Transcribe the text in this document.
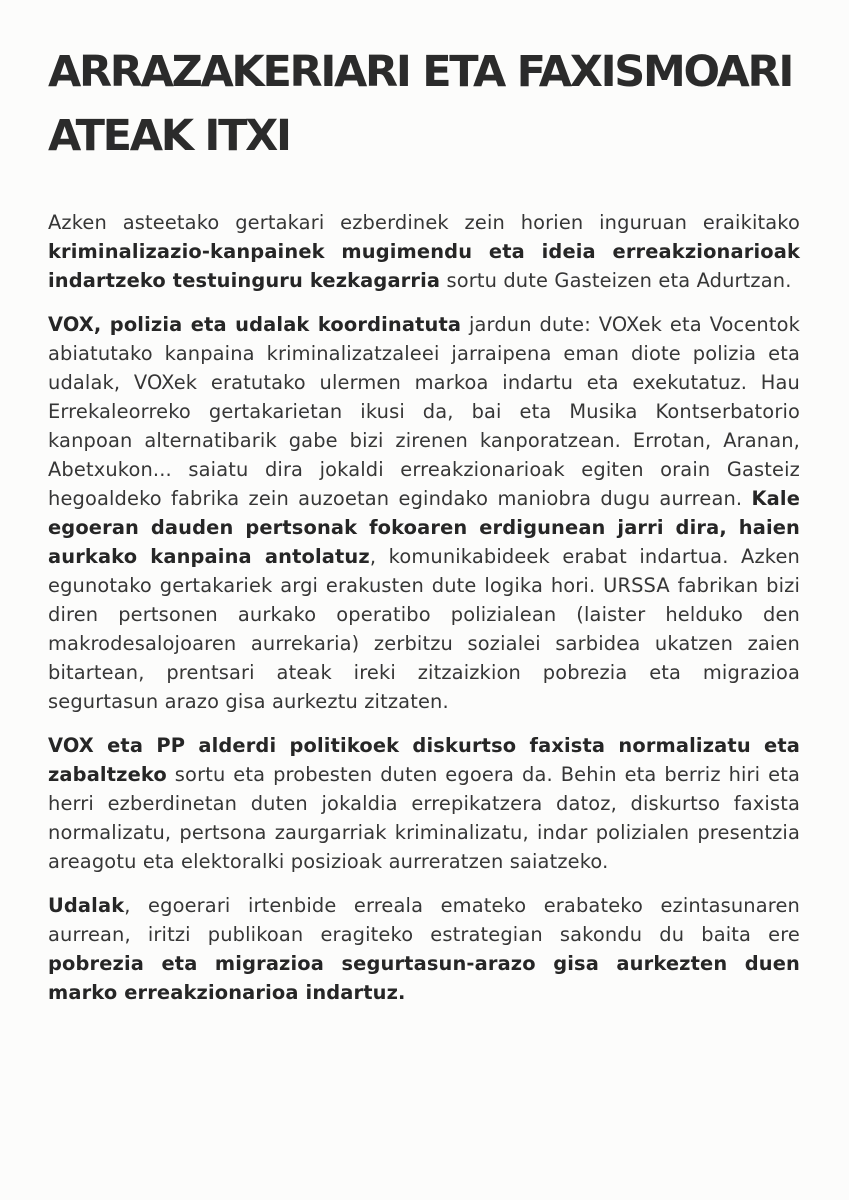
ARRAZAKERIARI ETA FAXISMOARI
ATEAK ITXI

Azken asteetako gertakari ezberdinek zein horien inguruan eraikitako kriminalizazio-kanpainek mugimendu eta ideia erreakzionarioak indartzeko testuinguru kezkagarria sortu dute Gasteizen eta Adurtzan.

VOX, polizia eta udalak koordinatuta jardun dute: VOXek eta Vocentok abiatutako kanpaina kriminalizatzaleei jarraipena eman diote polizia eta udalak, VOXek eratutako ulermen markoa indartu eta exekutatuz. Hau Errekaleorreko gertakarietan ikusi da, bai eta Musika Kontserbatorio kanpoan alternatibarik gabe bizi zirenen kanporatzean. Errotan, Aranan, Abetxukon... saiatu dira jokaldi erreakzionarioak egiten orain Gasteiz hegoaldeko fabrika zein auzoetan egindako maniobra dugu aurrean. Kale egoeran dauden pertsonak fokoaren erdigunean jarri dira, haien aurkako kanpaina antolatuz, komunikabideek erabat indartua. Azken egunotako gertakariek argi erakusten dute logika hori. URSSA fabrikan bizi diren pertsonen aurkako operatibo polizialean (laister helduko den makrodesalojoaren aurrekaria) zerbitzu sozialei sarbidea ukatzen zaien bitartean, prentsari ateak ireki zitzaizkion pobrezia eta migrazioa segurtasun arazo gisa aurkeztu zitzaten.

VOX eta PP alderdi politikoek diskurtso faxista normalizatu eta zabaltzeko sortu eta probesten duten egoera da. Behin eta berriz hiri eta herri ezberdinetan duten jokaldia errepikatzera datoz, diskurtso faxista normalizatu, pertsona zaurgarriak kriminalizatu, indar polizialen presentzia areagotu eta elektoralki posizioak aurreratzen saiatzeko.

Udalak, egoerari irtenbide erreala emateko erabateko ezintasunaren aurrean, iritzi publikoan eragiteko estrategian sakondu du baita ere pobrezia eta migrazioa segurtasun-arazo gisa aurkezten duen marko erreakzionarioa indartuz.
